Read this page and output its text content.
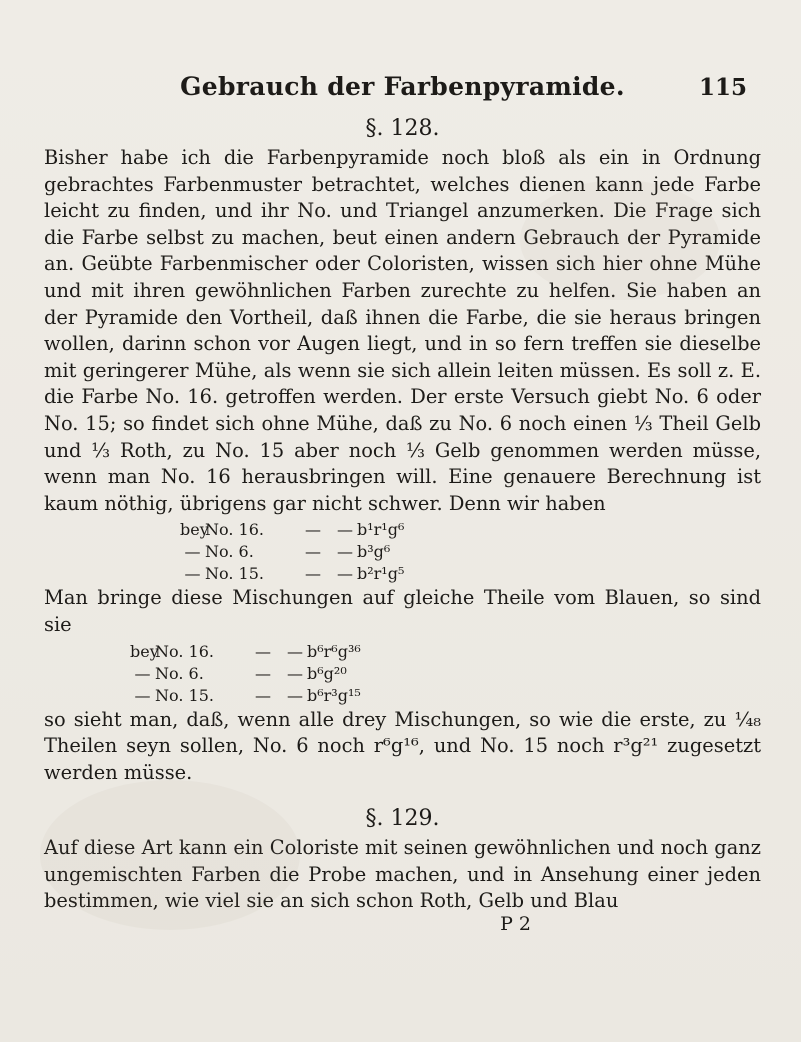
Gebrauch der Farbenpyramide.	115
§. 128.

Bisher habe ich die Farbenpyramide noch bloß als ein in Ordnung gebrachtes Farbenmuster betrachtet, welches dienen kann jede Farbe leicht zu finden, und ihr No. und Triangel anzumerken. Die Frage sich die Farbe selbst zu machen, beut einen andern Gebrauch der Pyramide an. Geübte Farbenmischer oder Coloristen, wissen sich hier ohne Mühe und mit ihren gewöhnlichen Farben zurechte zu helfen. Sie haben an der Pyramide den Vortheil, daß ihnen die Farbe, die sie heraus bringen wollen, darinn schon vor Augen liegt, und in so fern treffen sie dieselbe mit geringerer Mühe, als wenn sie sich allein leiten müssen. Es soll z. E. die Farbe No. 16. getroffen werden. Der erste Versuch giebt No. 6 oder No. 15; so findet sich ohne Mühe, daß zu No. 6 noch einen ⅓ Theil Gelb und ⅓ Roth, zu No. 15 aber noch ⅓ Gelb genommen werden müsse, wenn man No. 16 herausbringen will. Eine genauere Berechnung ist kaum nöthig, übrigens gar nicht schwer. Denn wir haben

bey
No. 16.	—	— b¹r¹g⁶
— No. 6.	—	— b³g⁶
— No. 15.	—	— b²r¹g⁵

Man bringe diese Mischungen auf gleiche Theile vom Blauen, so sind sie

bey
No. 16.	—	— b⁶r⁶g³⁶
— No. 6.	—	— b⁶g²⁰
— No. 15.	—	— b⁶r³g¹⁵

so sieht man, daß, wenn alle drey Mischungen, so wie die erste, zu ¹⁄₄₈ Theilen seyn sollen, No. 6 noch r⁶g¹⁶, und No. 15 noch r³g²¹ zugesetzt werden müsse.

§. 129.

Auf diese Art kann ein Coloriste mit seinen gewöhnlichen und noch ganz ungemischten Farben die Probe machen, und in Ansehung einer jeden bestimmen, wie viel sie an sich schon Roth, Gelb und Blau

P 2
